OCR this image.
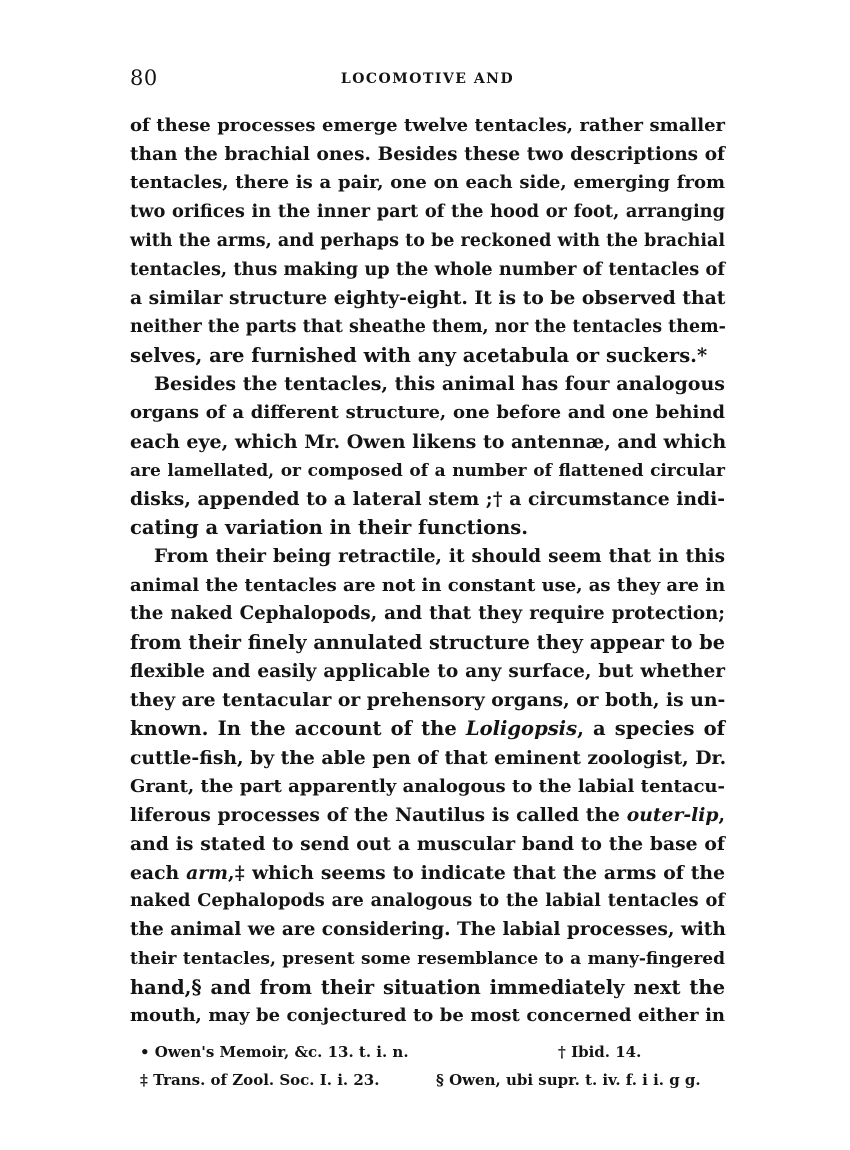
80	LOCOMOTIVE AND
of these processes emerge twelve tentacles, rather smaller
than the brachial ones. Besides these two descriptions of
tentacles, there is a pair, one on each side, emerging from
two orifices in the inner part of the hood or foot, arranging
with the arms, and perhaps to be reckoned with the brachial
tentacles, thus making up the whole number of tentacles of
a similar structure eighty-eight. It is to be observed that
neither the parts that sheathe them, nor the tentacles them-
selves, are furnished with any acetabula or suckers.*
Besides the tentacles, this animal has four analogous
organs of a different structure, one before and one behind
each eye, which Mr. Owen likens to antennæ, and which
are lamellated, or composed of a number of flattened circular
disks, appended to a lateral stem ;† a circumstance indi-
cating a variation in their functions.
From their being retractile, it should seem that in this
animal the tentacles are not in constant use, as they are in
the naked Cephalopods, and that they require protection;
from their finely annulated structure they appear to be
flexible and easily applicable to any surface, but whether
they are tentacular or prehensory organs, or both, is un-
known. In the account of the Loligopsis, a species of
cuttle-fish, by the able pen of that eminent zoologist, Dr.
Grant, the part apparently analogous to the labial tentacu-
liferous processes of the Nautilus is called the outer-lip,
and is stated to send out a muscular band to the base of
each arm,‡ which seems to indicate that the arms of the
naked Cephalopods are analogous to the labial tentacles of
the animal we are considering. The labial processes, with
their tentacles, present some resemblance to a many-fingered
hand,§ and from their situation immediately next the
mouth, may be conjectured to be most concerned either in
• Owen's Memoir, &c. 13. t. i. n.	† Ibid. 14.
‡ Trans. of Zool. Soc. I. i. 23.	§ Owen, ubi supr. t. iv. f. i i. g g.
